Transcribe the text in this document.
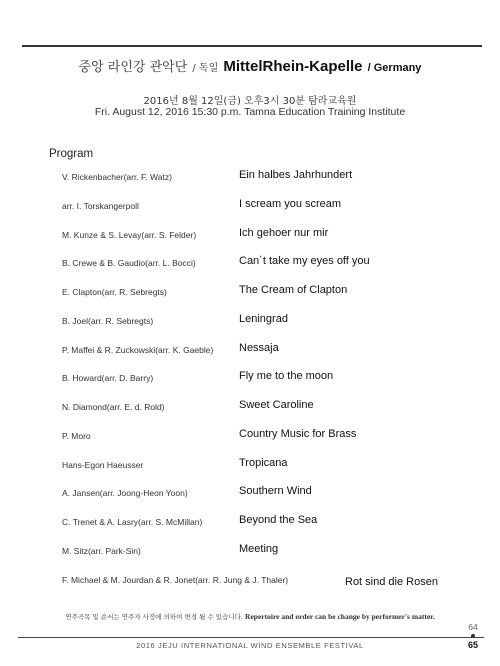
중앙 라인강 관악단 / 독일 MittelRhein-Kapelle / Germany
2016년 8월 12일(금) 오후3시 30분 탐라교육원
Fri. August 12, 2016 15:30 p.m. Tamna Education Training Institute
Program
V. Rickenbacher(arr. F. Watz)	Ein halbes Jahrhundert
arr. I. Torskangerpoll	I scream you scream
M. Kunze & S. Levay(arr. S. Felder)	Ich gehoer nur mir
B. Crewe & B. Gaudio(arr. L. Bocci)	Can´t take my eyes off you
E. Clapton(arr. R. Sebregts)	The Cream of Clapton
B. Joel(arr. R. Sebregts)	Leningrad
P. Maffei & R. Zuckowski(arr. K. Gaeble) Nessaja
B. Howard(arr. D. Barry)	Fly me to the moon
N. Diamond(arr. E. d. Rold)	Sweet Caroline
P. Moro	Country Music for Brass
Hans-Egon Haeusser	Tropicana
A. Jansen(arr. Joong-Heon Yoon)	Southern Wind
C. Trenet & A. Lasry(arr. S. McMillan)	Beyond the Sea
M. Sitz(arr. Park-Sin)	Meeting
F. Michael & M. Jourdan & R. Jonet(arr. R. Jung & J. Thaler)	Rot sind die Rosen
연주곡목 및 순서는 연주자 사정에 의하여 변경 될 수 있습니다. Repertoire and order can be change by performer's matter.
2016 JEJU INTERNATIONAL WIND ENSEMBLE FESTIVAL
64
65
